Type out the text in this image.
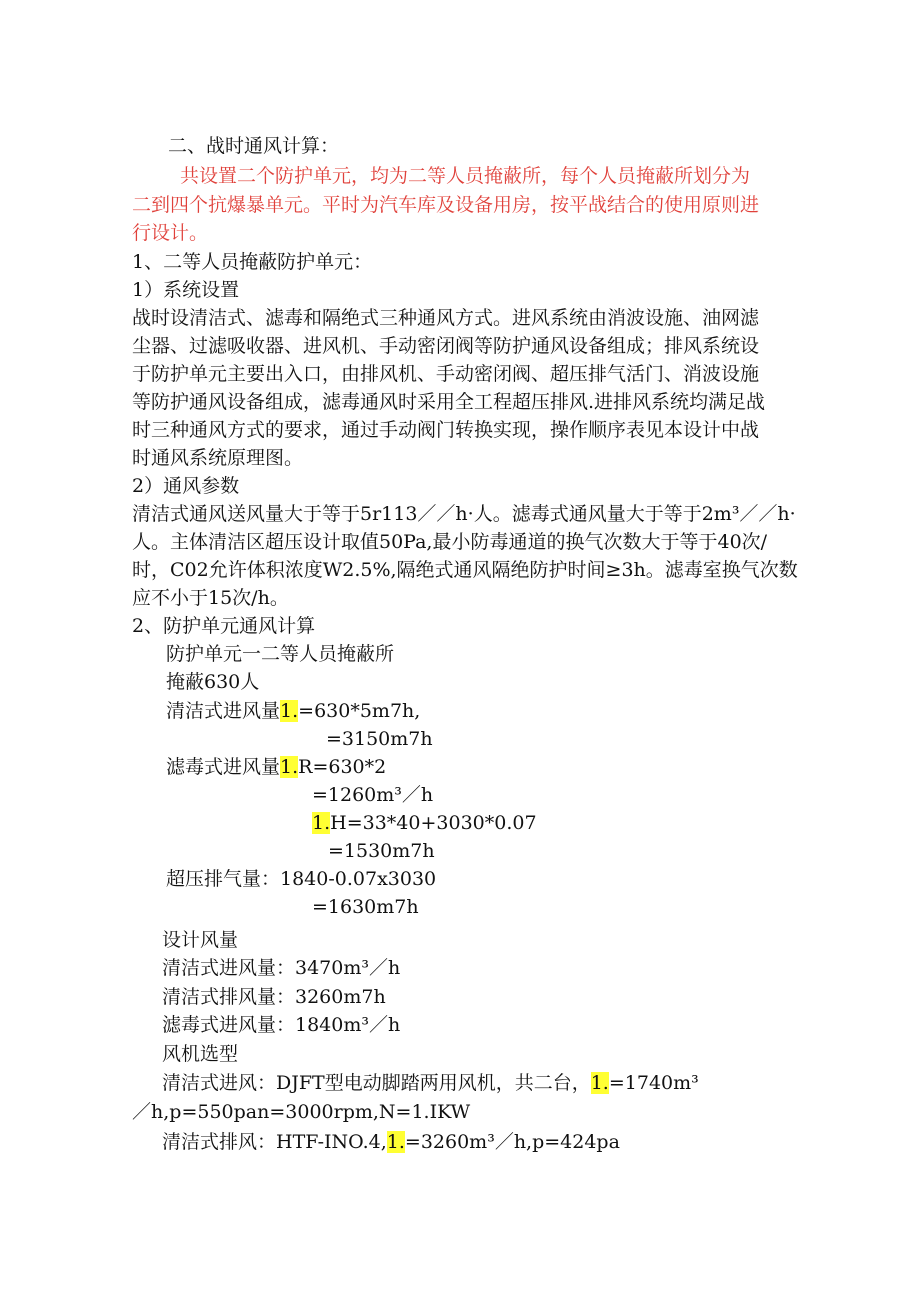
二、战时通风计算：
共设置二个防护单元，均为二等人员掩蔽所，每个人员掩蔽所划分为
二到四个抗爆暴单元。平时为汽车库及设备用房，按平战结合的使用原则进
行设计。
1、二等人员掩蔽防护单元：
1）系统设置
战时设清洁式、滤毒和隔绝式三种通风方式。进风系统由消波设施、油网滤
尘器、过滤吸收器、进风机、手动密闭阀等防护通风设备组成；排风系统设
于防护单元主要出入口，由排风机、手动密闭阀、超压排气活门、消波设施
等防护通风设备组成，滤毒通风时采用全工程超压排风.进排风系统均满足战
时三种通风方式的要求，通过手动阀门转换实现，操作顺序表见本设计中战
时通风系统原理图。
2）通风参数
清洁式通风送风量大于等于5r113／／h·人。滤毒式通风量大于等于2m³／／h·
人。主体清洁区超压设计取值50Pa,最小防毒通道的换气次数大于等于40次/
时，C02允许体积浓度W2.5%,隔绝式通风隔绝防护时间≥3h。滤毒室换气次数
应不小于15次/h。
2、防护单元通风计算
防护单元一二等人员掩蔽所
掩蔽630人
清洁式进风量1.=630*5m7h,
=3150m7h
滤毒式进风量1.R=630*2
=1260m³／h
1.H=33*40+3030*0.07
=1530m7h
超压排气量：1840-0.07x3030
=1630m7h
设计风量
清洁式进风量：3470m³／h
清洁式排风量：3260m7h
滤毒式进风量：1840m³／h
风机选型
清洁式进风：DJFT型电动脚踏两用风机，共二台，1.=1740m³
／h,p=550pan=3000rpm,N=1.IKW
清洁式排风：HTF-INO.4,1.=3260m³／h,p=424pa
